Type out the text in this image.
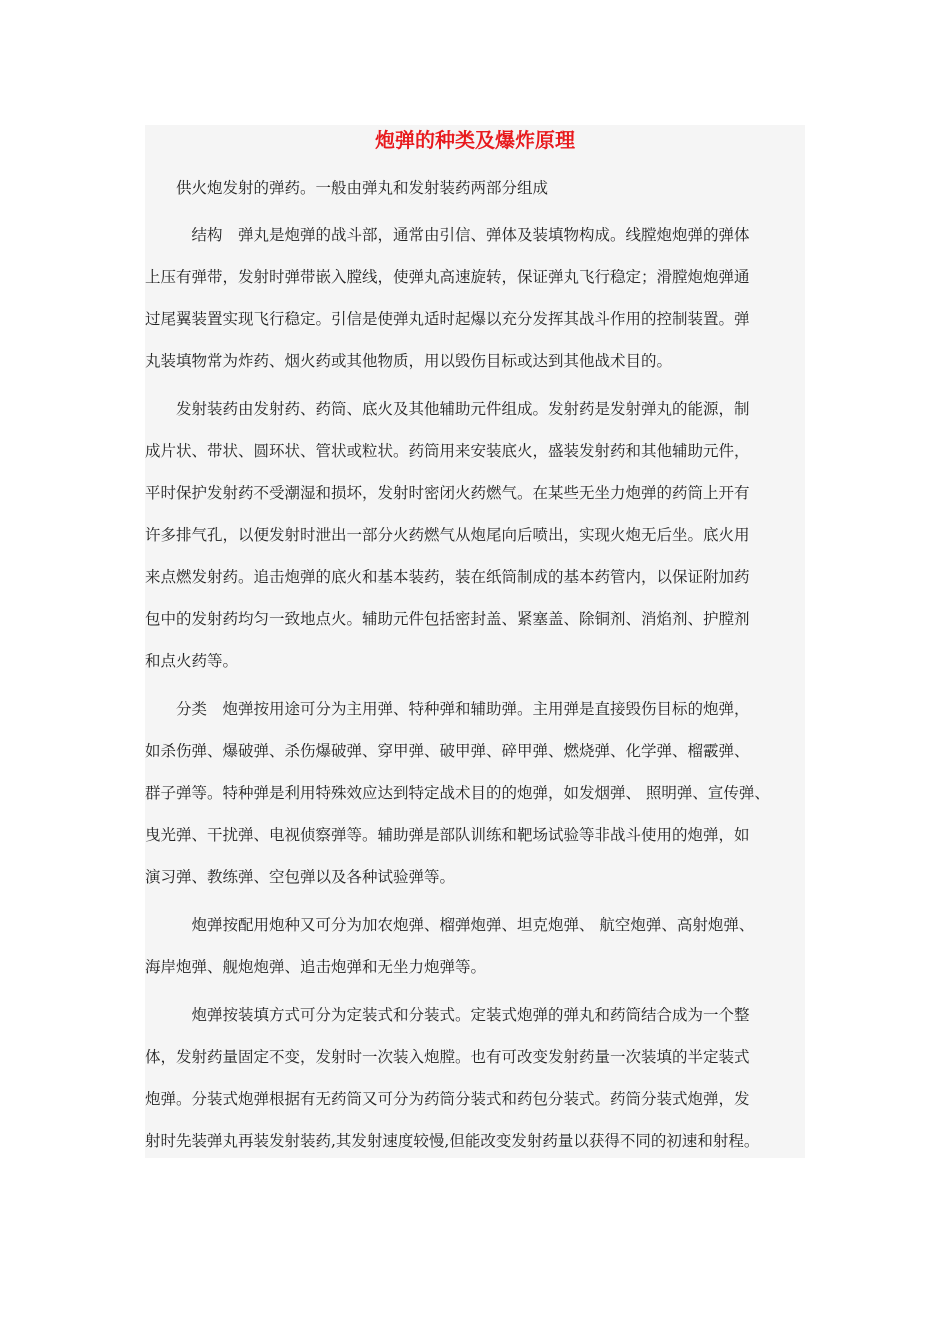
炮弹的种类及爆炸原理
　　供火炮发射的弹药。一般由弹丸和发射装药两部分组成
　　　结构　弹丸是炮弹的战斗部，通常由引信、弹体及装填物构成。线膛炮炮弹的弹体
上压有弹带，发射时弹带嵌入膛线，使弹丸高速旋转，保证弹丸飞行稳定；滑膛炮炮弹通
过尾翼装置实现飞行稳定。引信是使弹丸适时起爆以充分发挥其战斗作用的控制装置。弹
丸装填物常为炸药、烟火药或其他物质，用以毁伤目标或达到其他战术目的。
　　发射装药由发射药、药筒、底火及其他辅助元件组成。发射药是发射弹丸的能源，制
成片状、带状、圆环状、管状或粒状。药筒用来安装底火，盛装发射药和其他辅助元件，
平时保护发射药不受潮湿和损坏，发射时密闭火药燃气。在某些无坐力炮弹的药筒上开有
许多排气孔，以便发射时泄出一部分火药燃气从炮尾向后喷出，实现火炮无后坐。底火用
来点燃发射药。追击炮弹的底火和基本装药，装在纸筒制成的基本药管内，以保证附加药
包中的发射药均匀一致地点火。辅助元件包括密封盖、紧塞盖、除铜剂、消焰剂、护膛剂
和点火药等。
　　分类　炮弹按用途可分为主用弹、特种弹和辅助弹。主用弹是直接毁伤目标的炮弹，
如杀伤弹、爆破弹、杀伤爆破弹、穿甲弹、破甲弹、碎甲弹、燃烧弹、化学弹、榴霰弹、
群子弹等。特种弹是利用特殊效应达到特定战术目的的炮弹，如发烟弹、 照明弹、宣传弹、
曳光弹、干扰弹、电视侦察弹等。辅助弹是部队训练和靶场试验等非战斗使用的炮弹，如
演习弹、教练弹、空包弹以及各种试验弹等。
　　　炮弹按配用炮种又可分为加农炮弹、榴弹炮弹、坦克炮弹、 航空炮弹、高射炮弹、
海岸炮弹、舰炮炮弹、追击炮弹和无坐力炮弹等。
　　　炮弹按装填方式可分为定装式和分装式。定装式炮弹的弹丸和药筒结合成为一个整
体，发射药量固定不变，发射时一次装入炮膛。也有可改变发射药量一次装填的半定装式
炮弹。分装式炮弹根据有无药筒又可分为药筒分装式和药包分装式。药筒分装式炮弹，发
射时先装弹丸再装发射装药,其发射速度较慢,但能改变发射药量以获得不同的初速和射程。
